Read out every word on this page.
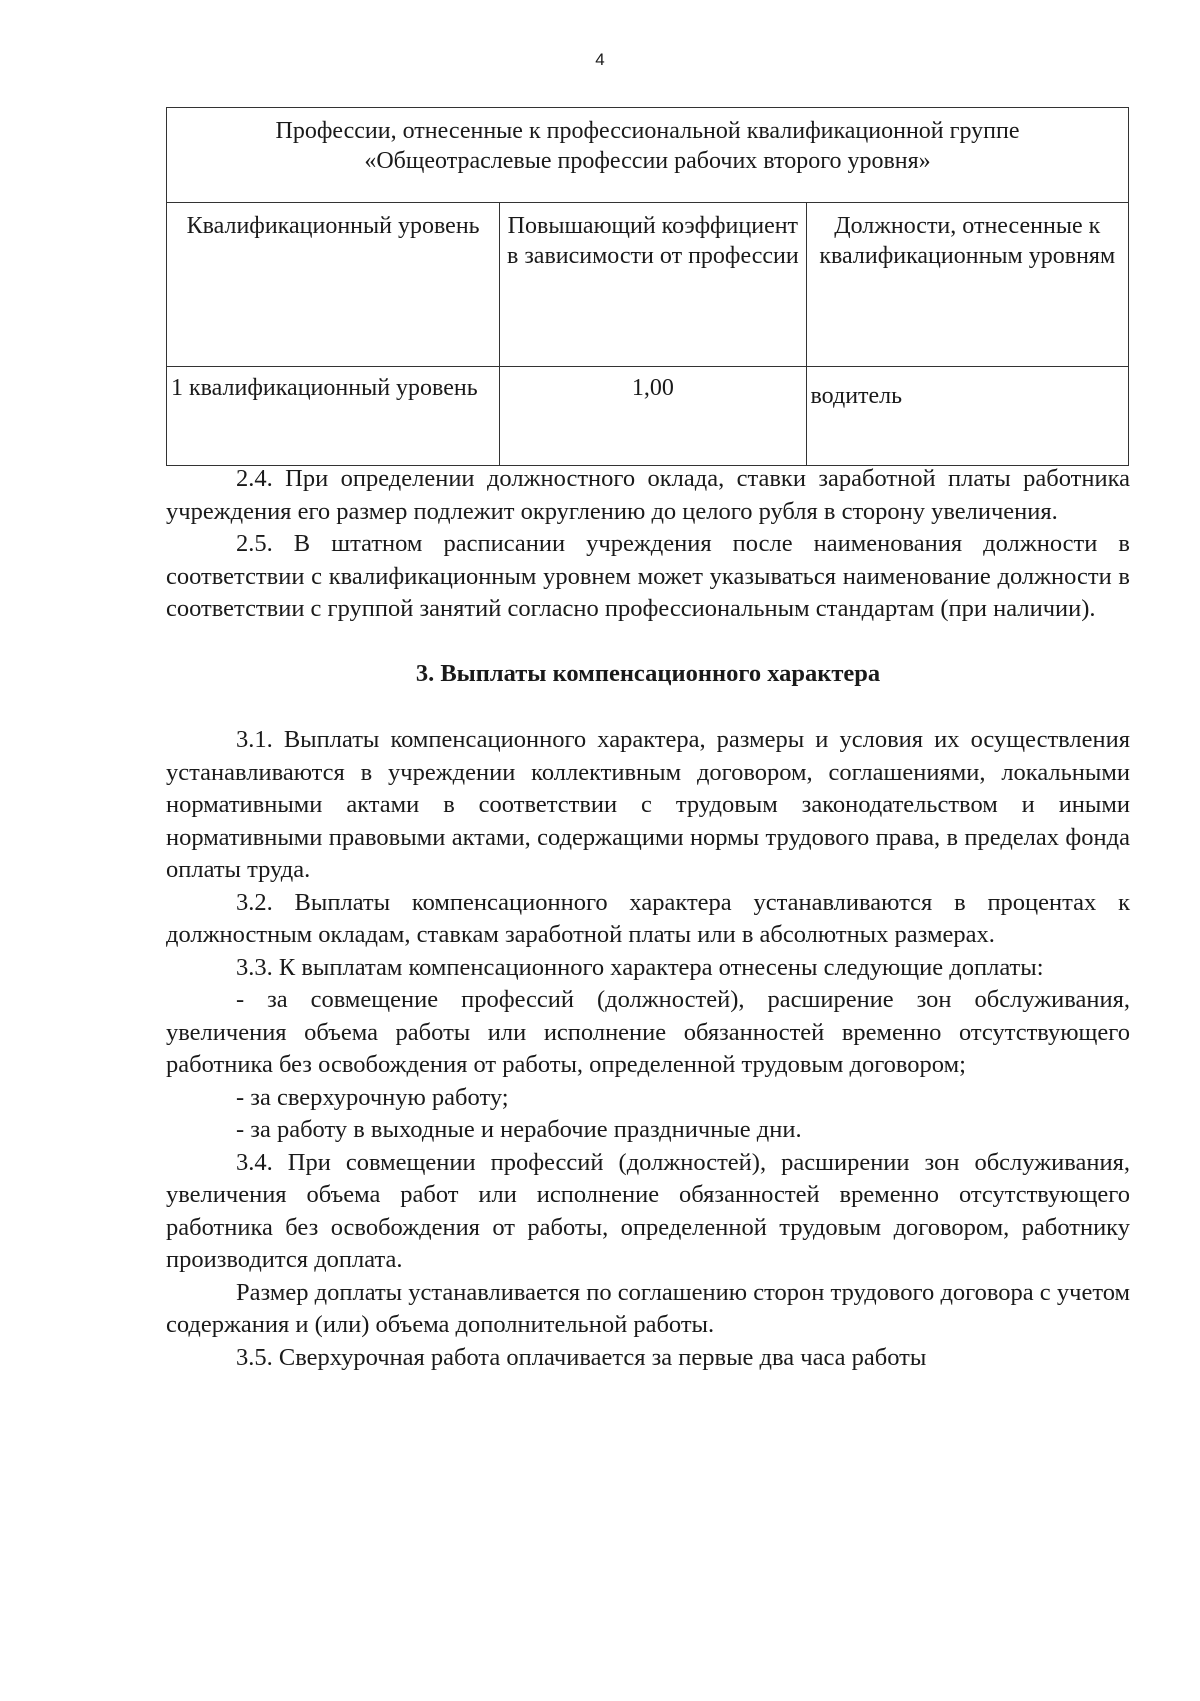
4
Профессии, отнесенные к профессиональной квалификационной группе
«Общеотраслевые профессии рабочих второго уровня»		

Квалификационный уровень	Повышающий коэффициент в зависимости от профессии	Должности, отнесенные к квалификационным уровням
1 квалификационный уровень	1,00	водитель

2.4. При определении должностного оклада, ставки заработной платы работника учреждения его размер подлежит округлению до целого рубля в сторону увеличения.

2.5. В штатном расписании учреждения после наименования должности в соответствии с квалификационным уровнем может указываться наименование должности в соответствии с группой занятий согласно профессиональным стандартам (при наличии).

3. Выплаты компенсационного характера

3.1. Выплаты компенсационного характера, размеры и условия их осуществления устанавливаются в учреждении коллективным договором, соглашениями, локальными нормативными актами в соответствии с трудовым законодательством и иными нормативными правовыми актами, содержащими нормы трудового права, в пределах фонда оплаты труда.

3.2. Выплаты компенсационного характера устанавливаются в процентах к должностным окладам, ставкам заработной платы или в абсолютных размерах.

3.3. К выплатам компенсационного характера отнесены следующие доплаты:

- за совмещение профессий (должностей), расширение зон обслуживания, увеличения объема работы или исполнение обязанностей временно отсутствующего работника без освобождения от работы, определенной трудовым договором;

- за сверхурочную работу;

- за работу в выходные и нерабочие праздничные дни.

3.4. При совмещении профессий (должностей), расширении зон обслуживания, увеличения объема работ или исполнение обязанностей временно отсутствующего работника без освобождения от работы, определенной трудовым договором, работнику производится доплата.

Размер доплаты устанавливается по соглашению сторон трудового договора с учетом содержания и (или) объема дополнительной работы.

3.5. Сверхурочная работа оплачивается за первые два часа работы
